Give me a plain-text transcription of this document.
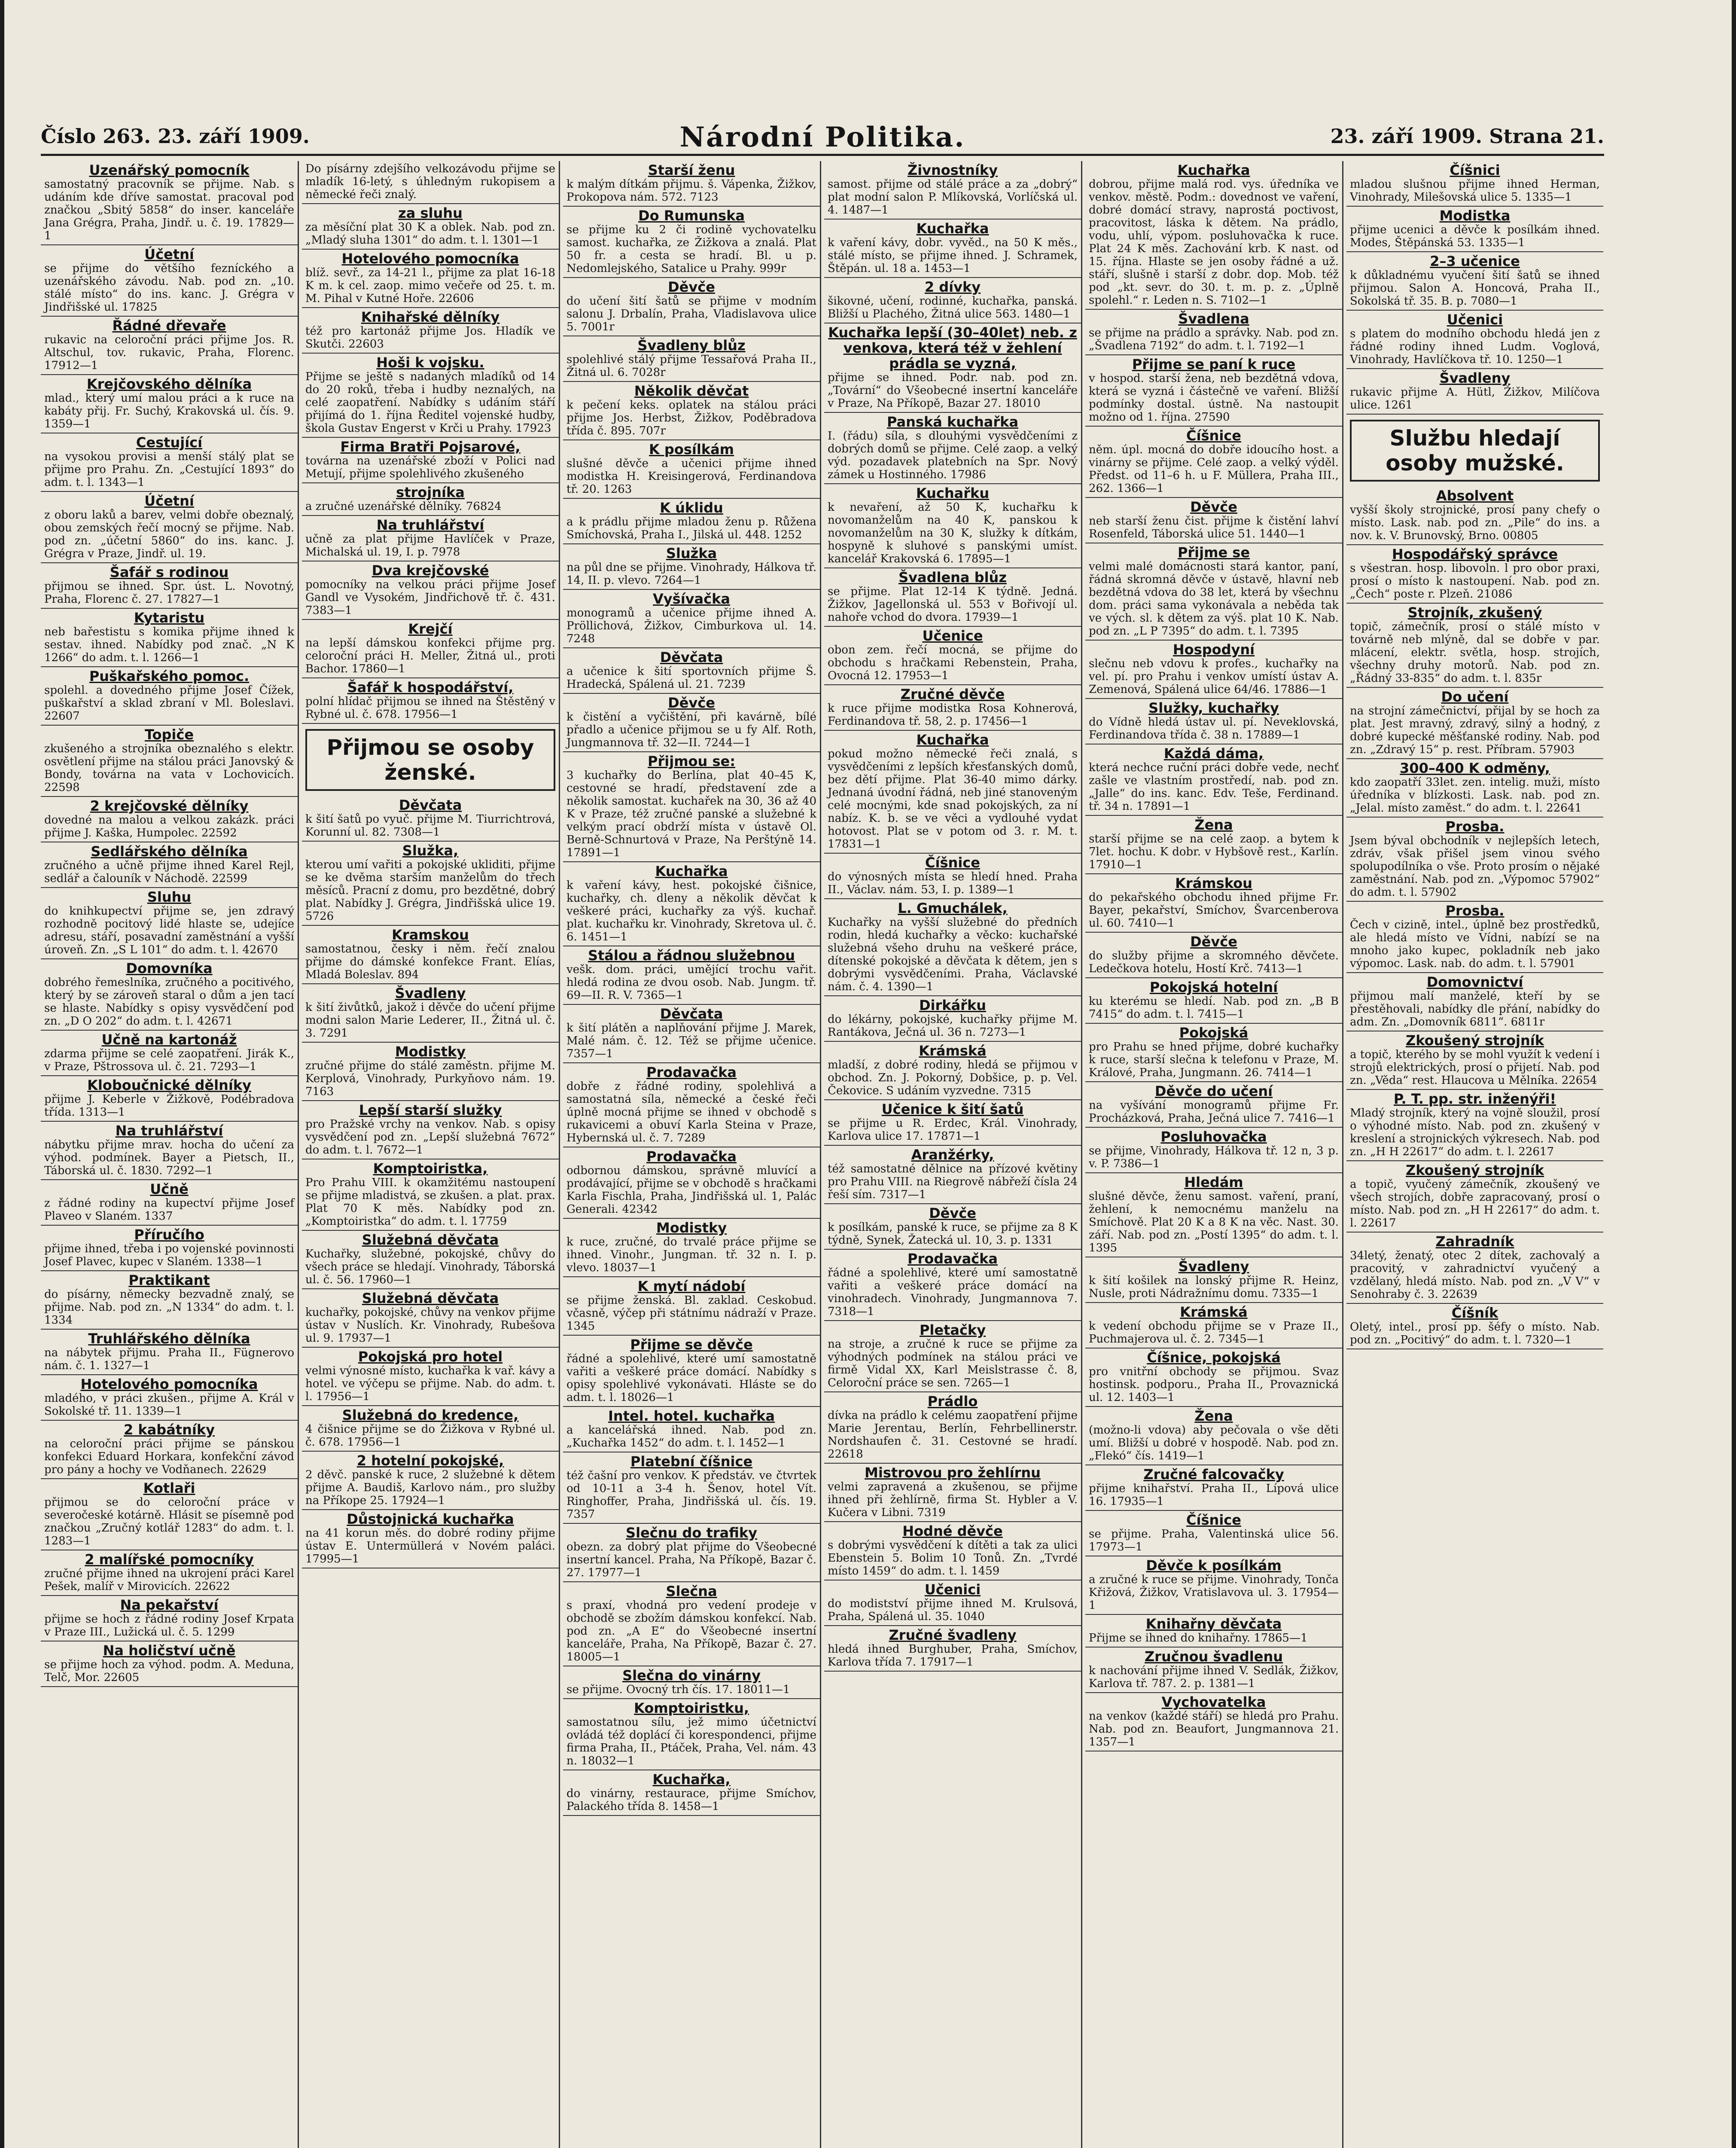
Číslo 263. 23. září 1909.	Národní Politika.	23. září 1909. Strana 21.
Uzenářský pomocník

samostatný pracovník se přijme. Nab. s udáním kde dříve samostat. pracoval pod značkou „Sbitý 5858“ do inser. kanceláře Jana Grégra, Praha, Jindř. u. č. 19. 17829—1

Účetní

se přijme do většího fezníckého a uzenářského závodu. Nab. pod zn. „10. stálé místo“ do ins. kanc. J. Grégra v Jindřišské ul. 17825

Řádné dřevaře

rukavic na celoroční práci přijme Jos. R. Altschul, tov. rukavic, Praha, Florenc. 17912—1

Krejčovského dělníka

mlad., který umí malou práci a k ruce na kabáty přij. Fr. Suchý, Krakovská ul. čís. 9. 1359—1

Cestující

na vysokou provisi a menší stálý plat se přijme pro Prahu. Zn. „Cestující 1893“ do adm. t. l. 1343—1

Účetní

z oboru laků a barev, velmi dobře obeznalý, obou zemských řečí mocný se přijme. Nab. pod zn. „účetní 5860“ do ins. kanc. J. Grégra v Praze, Jindř. ul. 19.

Šafář s rodinou

přijmou se ihned. Spr. úst. L. Novotný, Praha, Florenc č. 27. 17827—1

Kytaristu

neb bařestistu s komika přijme ihned k sestav. ihned. Nabídky pod znač. „N K 1266“ do adm. t. l. 1266—1

Puškařského pomoc.

spolehl. a dovedného přijme Josef Čížek, puškařství a sklad zbraní v Ml. Boleslavi. 22607

Topiče

zkušeného a strojníka obeznalého s elektr. osvětlení přijme na stálou práci Janovský & Bondy, továrna na vata v Lochovicích. 22598

2 krejčovské dělníky

dovedné na malou a velkou zakázk. práci přijme J. Kaška, Humpolec. 22592

Sedlářského dělníka

zručného a učně přijme ihned Karel Rejl, sedlář a čalouník v Náchodě. 22599

Sluhu

do knihkupectví přijme se, jen zdravý rozhodně pocitový lidé hlaste se, udejíce adresu, stáří, posavadní zaměstnání a vyšší úroveň. Zn. „S L 101“ do adm. t. l. 42670

Domovníka

dobrého řemeslníka, zručného a pocitivého, který by se zároveň staral o dům a jen tací se hlaste. Nabídky s opisy vysvědčení pod zn. „D O 202“ do adm. t. l. 42671

Učně na kartonáž

zdarma přijme se celé zaopatření. Jirák K., v Praze, Pštrossova ul. č. 21. 7293—1

Kloboučnické dělníky

přijme J. Keberle v Žižkově, Podébradova třída. 1313—1

Na truhlářství

nábytku přijme mrav. hocha do učení za výhod. podmínek. Bayer a Pietsch, II., Táborská ul. č. 1830. 7292—1

Učně

z řádné rodiny na kupectví přijme Josef Plaveo v Slaném. 1337

Příručího

přijme ihned, třeba i po vojenské povinnosti Josef Plavec, kupec v Slaném. 1338—1

Praktikant

do písárny, německy bezvadně znalý, se přijme. Nab. pod zn. „N 1334“ do adm. t. l. 1334

Truhlářského dělníka

na nábytek přijmu. Praha II., Fügnerovo nám. č. 1. 1327—1

Hotelového pomocníka

mladého, v práci zkušen., přijme A. Král v Sokolské tř. 11. 1339—1

2 kabátníky

na celoroční práci přijme se pánskou konfekci Eduard Horkara, konfekční závod pro pány a hochy ve Vodňanech. 22629

Kotlaři

přijmou se do celoroční práce v severočeské kotárně. Hlásit se písemně pod značkou „Zručný kotlář 1283“ do adm. t. l. 1283—1

2 malířské pomocníky

zručné přijme ihned na ukrojení práci Karel Pešek, malíř v Mirovicích. 22622

Na pekařství

přijme se hoch z řádné rodiny Josef Krpata v Praze III., Lužická ul. č. 5. 1299

Na holičství učně

se přijme hoch za výhod. podm. A. Meduna, Telč, Mor. 22605

Do písárny zdejšího velkozávodu přijme se mladík 16-letý, s úhledným rukopisem a německé řeči znalý.

za sluhu

za měsíční plat 30 K a oblek. Nab. pod zn. „Mladý sluha 1301“ do adm. t. l. 1301—1

Hotelového pomocníka

blíž. sevř., za 14-21 l., přijme za plat 16-18 K m. k cel. zaop. mimo večeře od 25. t. m. M. Pihal v Kutné Hoře. 22606

Knihařské dělníky

též pro kartonáž přijme Jos. Hladík ve Skutči. 22603

Hoši k vojsku.

Přijme se ještě s nadaných mladíků od 14 do 20 roků, třeba i hudby neznalých, na celé zaopatření. Nabídky s udáním stáří přijímá do 1. října Ředitel vojenské hudby, škola Gustav Engerst v Krči u Prahy. 17923

Firma Bratři Pojsarové,

továrna na uzenářské zboží v Polici nad Metují, přijme spolehlivého zkušeného

strojníka

a zručné uzenářské dělníky. 76824

Na truhlářství

učně za plat přijme Havlíček v Praze, Michalská ul. 19, I. p. 7978

Dva krejčovské

pomocníky na velkou práci přijme Josef Gandl ve Vysokém, Jindřichově tř. č. 431. 7383—1

Krejčí

na lepší dámskou konfekci přijme prg. celoroční práci H. Meller, Žitná ul., proti Bachor. 17860—1

Šafář k hospodářství,

polní hlídač přijmou se ihned na Štěstěný v Rybné ul. č. 678. 17956—1

Přijmou se osoby ženské.
Děvčata

k šití šatů po vyuč. přijme M. Tiurrichtrová, Korunní ul. 82. 7308—1

Služka,

kterou umí vařiti a pokojské ukliditi, přijme se ke dvěma starším manželům do třech měsíců. Pracní z domu, pro bezdětné, dobrý plat. Nabídky J. Grégra, Jindřišská ulice 19. 5726

Kramskou

samostatnou, česky i něm. řečí znalou přijme do dámské konfekce Frant. Elías, Mladá Boleslav. 894

Švadleny

k šití živůtků, jakož i děvče do učení přijme modni salon Marie Lederer, II., Žitná ul. č. 3. 7291

Modistky

zručné přijme do stálé zaměstn. přijme M. Kerplová, Vinohrady, Purkyňovo nám. 19. 7163

Lepší starší služky

pro Pražské vrchy na venkov. Nab. s opisy vysvědčení pod zn. „Lepší služebná 7672“ do adm. t. l. 7672—1

Komptoiristka,

Pro Prahu VIII. k okamžitému nastoupení se přijme mladistvá, se zkušen. a plat. prax. Plat 70 K měs. Nabídky pod zn. „Komptoiristka“ do adm. t. l. 17759

Služebná děvčata

Kuchařky, služebné, pokojské, chůvy do všech práce se hledají. Vinohrady, Táborská ul. č. 56. 17960—1

Služebná děvčata

kuchařky, pokojské, chůvy na venkov přijme ústav v Nuslích. Kr. Vinohrady, Rubešova ul. 9. 17937—1

Pokojská pro hotel

velmi výnosné místo, kuchařka k vař. kávy a hotel. ve výčepu se přijme. Nab. do adm. t. l. 17956—1

Služebná do kredence,

4 čišnice přijme se do Žižkova v Rybné ul. č. 678. 17956—1

2 hotelní pokojské,

2 děvč. panské k ruce, 2 služebné k dětem přijme A. Baudiš, Karlovo nám., pro služby na Příkope 25. 17924—1

Důstojnická kuchařka

na 41 korun měs. do dobré rodiny přijme ústav E. Untermüllerá v Novém paláci. 17995—1

Starší ženu

k malým dítkám přijmu. š. Vápenka, Žižkov, Prokopova nám. 572. 7123

Do Rumunska

se přijme ku 2 či rodině vychovatelku samost. kuchařka, ze Žižkova a znalá. Plat 50 fr. a cesta se hradí. Bl. u p. Nedomlejského, Satalice u Prahy. 999r

Děvče

do učení šití šatů se přijme v modním salonu J. Drbalín, Praha, Vladislavova ulice 5. 7001r

Švadleny blůz

spolehlivé stálý přijme Tessařová Praha II., Žitná ul. 6. 7028r

Několik děvčat

k pečení keks. oplatek na stálou práci přijme Jos. Herbst, Žižkov, Poděbradova třída č. 895. 707r

K posílkám

slušné děvče a učenici přijme ihned modistka H. Kreisingerová, Ferdinandova tř. 20. 1263

K úklidu

a k prádlu přijme mladou ženu p. Růžena Smíchovská, Praha I., Jilská ul. 448. 1252

Služka

na půl dne se přijme. Vinohrady, Hálkova tř. 14, II. p. vlevo. 7264—1

Vyšívačka

monogramů a učenice přijme ihned A. Pröllichová, Žižkov, Cimburkova ul. 14. 7248

Děvčata

a učenice k šití sportovních přijme Š. Hradecká, Spálená ul. 21. 7239

Děvče

k čistění a vyčištění, při kavárně, bílé přadlo a učenice přijmou se u fy Alf. Roth, Jungmannova tř. 32—II. 7244—1

Přijmou se:

3 kuchařky do Berlína, plat 40–45 K, cestovné se hradí, představení zde a několik samostat. kuchařek na 30, 36 až 40 K v Praze, též zručné panské a služebné k velkým prací obdrží místa v ústavě Ol. Berně-Schnurtová v Praze, Na Perštýně 14. 17891—1

Kuchařka

k vaření kávy, hest. pokojské čišnice, kuchařky, ch. dleny a několik děvčat k veškeré práci, kuchařky za výš. kuchař. plat. kuchařku kr. Vinohrady, Skretova ul. č. 6. 1451—1

Stálou a řádnou služebnou

vešk. dom. práci, umějící trochu vařit. hledá rodina ze dvou osob. Nab. Jungm. tř. 69—II. R. V. 7365—1

Děvčata

k šití plátěn a naplňování přijme J. Marek, Malé nám. č. 12. Též se přijme učenice. 7357—1

Prodavačka

dobře z řádné rodiny, spolehlivá a samostatná síla, německé a české řeči úplně mocná přijme se ihned v obchodě s rukavicemi a obuví Karla Steina v Praze, Hybernská ul. č. 7. 7289

Prodavačka

odbornou dámskou, správně mluvící a prodávající, přijme se v obchodě s hračkami Karla Fischla, Praha, Jindřišská ul. 1, Palác Generali. 42342

Modistky

k ruce, zručné, do trvalé práce přijme se ihned. Vinohr., Jungman. tř. 32 n. I. p. vlevo. 18037—1

K mytí nádobí

se přijme ženská. Bl. zaklad. Ceskobud. včasně, výčep při státnímu nádraží v Praze. 1345

Přijme se děvče

řádné a spolehlivé, které umí samostatně vařiti a veškeré práce domácí. Nabídky s opisy spolehlivé vykonávati. Hláste se do adm. t. l. 18026—1

Intel. hotel. kuchařka

a kancelářská ihned. Nab. pod zn. „Kuchařka 1452“ do adm. t. l. 1452—1

Platební číšnice

též čašní pro venkov. K předstáv. ve čtvrtek od 10-11 a 3-4 h. Šenov, hotel Vít. Ringhoffer, Praha, Jindřišská ul. čís. 19. 7357

Slečnu do trafiky

obezn. za dobrý plat přijme do Všeobecné insertní kancel. Praha, Na Příkopě, Bazar č. 27. 17977—1

Slečna

s praxí, vhodná pro vedení prodeje v obchodě se zbožím dámskou konfekcí. Nab. pod zn. „A E“ do Všeobecné insertní kanceláře, Praha, Na Příkopě, Bazar č. 27. 18005—1

Slečna do vinárny

se přijme. Ovocný trh čís. 17. 18011—1

Komptoiristku,

samostatnou sílu, jež mimo účetnictví ovládá též doplácí či korespondenci, přijme firma Praha, II., Ptáček, Praha, Vel. nám. 43 n. 18032—1

Kuchařka,

do vinárny, restaurace, přijme Smíchov, Palackého třída 8. 1458—1

Živnostníky

samost. přijme od stálé práce a za „dobrý“ plat modní salon P. Mlíkovská, Vorlíčská ul. 4. 1487—1

Kuchařka

k vaření kávy, dobr. vyvěd., na 50 K měs., stálé místo, se přijme ihned. J. Schramek, Štěpán. ul. 18 a. 1453—1

2 dívky

šikovné, učení, rodinné, kuchařka, panská. Bližší u Plachého, Žitná ulice 563. 1480—1

Kuchařka lepší (30–40let) neb. z venkova, která též v žehlení prádla se vyzná,

přijme se ihned. Podr. nab. pod zn. „Tovární“ do Všeobecné insertní kanceláře v Praze, Na Příkopě, Bazar 27. 18010

Panská kuchařka

I. (řádu) síla, s dlouhými vysvědčeními z dobrých domů se přijme. Celé zaop. a velký výd. pozadavek platebních na Spr. Nový zámek u Hostinného. 17986

Kuchařku

k nevaření, až 50 K, kuchařku k novomanželům na 40 K, panskou k novomanželům na 30 K, služky k dítkám, hospyně k sluhové s panskými umíst. kancelář Krakovská 6. 17895—1

Švadlena blůz

se přijme. Plat 12-14 K týdně. Jedná. Žižkov, Jagellonská ul. 553 v Bořivojí ul. nahoře vchod do dvora. 17939—1

Učenice

obon zem. řečí mocná, se přijme do obchodu s hračkami Rebenstein, Praha, Ovocná 12. 17953—1

Zručné děvče

k ruce přijme modistka Rosa Kohnerová, Ferdinandova tř. 58, 2. p. 17456—1

Kuchařka

pokud možno německé řeči znalá, s vysvědčeními z lepších křesťanských domů, bez dětí přijme. Plat 36-40 mimo dárky. Jednaná úvodní řádná, neb jiné stanoveným celé mocnými, kde snad pokojských, za ní nabíz. K. b. se ve věci a vydlouhé vydat hotovost. Plat se v potom od 3. r. M. t. 17831—1

Číšnice

do výnosných místa se hledí hned. Praha II., Václav. nám. 53, I. p. 1389—1

L. Gmuchálek,

Kuchařky na vyšší služebné do předních rodin, hledá kuchařky a věcko: kuchařské služebná všeho druhu na veškeré práce, dítenské pokojské a děvčata k dětem, jen s dobrými vysvědčeními. Praha, Václavské nám. č. 4. 1390—1

Dirkářku

do lékárny, pokojské, kuchařky přijme M. Rantákova, Ječná ul. 36 n. 7273—1

Krámská

mladší, z dobré rodiny, hledá se přijmou v obchod. Zn. J. Pokorný, Dobšice, p. p. Vel. Čekovice. S udáním vyzvedne. 7315

Učenice k šití šatů

se přijme u R. Erdec, Král. Vinohrady, Karlova ulice 17. 17871—1

Aranžérky,

též samostatné dělnice na přízové květiny pro Prahu VIII. na Riegrově nábřeží čísla 24 řeší sím. 7317—1

Děvče

k posílkám, panské k ruce, se přijme za 8 K týdně, Synek, Žatecká ul. 10, 3. p. 1331

Prodavačka

řádné a spolehlivé, které umí samostatně vařiti a veškeré práce domácí na vinohradech. Vinohrady, Jungmannova 7. 7318—1

Pletačky

na stroje, a zručné k ruce se přijme za výhodných podmínek na stálou práci ve firmě Vidal XX, Karl Meislstrasse č. 8, Celoroční práce se sen. 7265—1

Prádlo

dívka na prádlo k celému zaopatření přijme Marie Jerentau, Berlín, Fehrbellinerstr. Nordshaufen č. 31. Cestovné se hradí. 22618

Mistrovou pro žehlírnu

velmi zapravená a zkušenou, se přijme ihned při žehlírně, firma St. Hybler a V. Kučera v Libni. 7319

Hodné děvče

s dobrými vysvědčení k dítěti a tak za ulici Ebenstein 5. Bolim 10 Tonů. Zn. „Tvrdé místo 1459“ do adm. t. l. 1459

Učenici

do modistství přijme ihned M. Krulsová, Praha, Spálená ul. 35. 1040

Zručné švadleny

hledá ihned Burghuber, Praha, Smíchov, Karlova třída 7. 17917—1

Kuchařka

dobrou, přijme malá rod. vys. úředníka ve venkov. městě. Podm.: dovednost ve vaření, dobré domácí stravy, naprostá poctivost, pracovitost, láska k dětem. Na prádlo, vodu, uhlí, výpom. posluhovačka k ruce. Plat 24 K měs. Zachování krb. K nast. od 15. října. Hlaste se jen osoby řádné a už. stáří, slušně i starší z dobr. dop. Mob. též pod „kt. sevr. do 30. t. m. p. z. „Úplně spolehl.“ r. Leden n. S. 7102—1

Švadlena

se přijme na prádlo a správky. Nab. pod zn. „Švadlena 7192“ do adm. t. l. 7192—1

Přijme se paní k ruce

v hospod. starší žena, neb bezdětná vdova, která se vyzná i částečně ve vaření. Bližší podmínky dostal. ústně. Na nastoupit možno od 1. října. 27590

Číšnice

něm. úpl. mocná do dobře idoucího host. a vinárny se přijme. Celé zaop. a velký výděl. Předst. od 11–6 h. u F. Müllera, Praha III., 262. 1366—1

Děvče

neb starší ženu čist. přijme k čistění lahví Rosenfeld, Táborská ulice 51. 1440—1

Přijme se

velmi malé domácnosti stará kantor, paní, řádná skromná děvče v ústavě, hlavní neb bezdětná vdova do 38 let, která by všechnu dom. práci sama vykonávala a neběda tak ve vých. sl. k dětem za výš. plat 10 K. Nab. pod zn. „L P 7395“ do adm. t. l. 7395

Hospodyní

slečnu neb vdovu k profes., kuchařky na vel. pí. pro Prahu i venkov umístí ústav A. Zemenová, Spálená ulice 64/46. 17886—1

Služky, kuchařky

do Vídně hledá ústav ul. pí. Neveklovská, Ferdinandova třída č. 38 n. 17889—1

Každá dáma,

která nechce ruční práci dobře vede, nechť zašle ve vlastním prostředí, nab. pod zn. „Jalle“ do ins. kanc. Edv. Teše, Ferdinand. tř. 34 n. 17891—1

Žena

starší přijme se na celé zaop. a bytem k 7let. hochu. K dobr. v Hybšově rest., Karlín. 17910—1

Krámskou

do pekařského obchodu ihned přijme Fr. Bayer, pekařství, Smíchov, Švarcenberova ul. 60. 7410—1

Děvče

do služby přijme a skromného děvčete. Ledečkova hotelu, Hostí Krč. 7413—1

Pokojská hotelní

ku kterému se hledí. Nab. pod zn. „B B 7415“ do adm. t. l. 7415—1

Pokojská

pro Prahu se hned přijme, dobré kuchařky k ruce, starší slečna k telefonu v Praze, M. Králové, Praha, Jungmann. 26. 7414—1

Děvče do učení

na vyšívání monogramů přijme Fr. Procházková, Praha, Ječná ulice 7. 7416—1

Posluhovačka

se přijme, Vinohrady, Hálkova tř. 12 n, 3 p. v. P. 7386—1

Hledám

slušné děvče, ženu samost. vaření, praní, žehlení, k nemocnému manželu na Smíchově. Plat 20 K a 8 K na věc. Nast. 30. září. Nab. pod zn. „Postí 1395“ do adm. t. l. 1395

Švadleny

k šití košilek na lonský přijme R. Heinz, Nusle, proti Nádražnímu domu. 7335—1

Krámská

k vedení obchodu přijme se v Praze II., Puchmajerova ul. č. 2. 7345—1

Číšnice, pokojská

pro vnitřní obchody se přijmou. Svaz hostinsk. podporu., Praha II., Provaznická ul. 12. 1403—1

Žena

(možno-li vdova) aby pečovala o vše děti umí. Bližší u dobré v hospodě. Nab. pod zn. „Flekó“ čís. 1419—1

Zručné falcovačky

přijme knihařství. Praha II., Lípová ulice 16. 17935—1

Číšnice

se přijme. Praha, Valentinská ulice 56. 17973—1

Děvče k posílkám

a zručné k ruce se přijme. Vinohrady, Tonča Křižová, Žižkov, Vratislavova ul. 3. 17954—1

Knihařny děvčata

Přijme se ihned do knihařny. 17865—1

Zručnou švadlenu

k nachování přijme ihned V. Sedlák, Žižkov, Karlova tř. 787. 2. p. 1381—1

Vychovatelka

na venkov (každé stáří) se hledá pro Prahu. Nab. pod zn. Beaufort, Jungmannova 21. 1357—1

Číšnici

mladou slušnou přijme ihned Herman, Vinohrady, Milešovská ulice 5. 1335—1

Modistka

přijme ucenici a děvče k posílkám ihned. Modes, Štěpánská 53. 1335—1

2–3 učenice

k důkladnému vyučení šití šatů se ihned přijmou. Salon A. Honcová, Praha II., Sokolská tř. 35. B. p. 7080—1

Učenici

s platem do modního obchodu hledá jen z řádné rodiny ihned Ludm. Voglová, Vinohrady, Havlíčkova tř. 10. 1250—1

Švadleny

rukavic přijme A. Hütl, Žižkov, Milíčova ulice. 1261

Službu hledají osoby mužské.
Absolvent

vyšší školy strojnické, prosí pany chefy o místo. Lask. nab. pod zn. „Pile“ do ins. a nov. k. V. Brunovský, Brno. 00805

Hospodářský správce

s všestran. hosp. libovoln. l pro obor praxi, prosí o místo k nastoupení. Nab. pod zn. „Čech“ poste r. Plzeň. 21086

Strojník, zkušený

topič, zámečník, prosí o stálé místo v továrně neb mlýně, dal se dobře v par. mlácení, elektr. světla, hosp. strojích, všechny druhy motorů. Nab. pod zn. „Řádný 33-835“ do adm. t. l. 835r

Do učení

na strojní zámečnictví, přijal by se hoch za plat. Jest mravný, zdravý, silný a hodný, z dobré kupecké měšťanské rodiny. Nab. pod zn. „Zdravý 15“ p. rest. Příbram. 57903

300–400 K odměny,

kdo zaopatří 33let. zen. intelig. muži, místo úředníka v blízkosti. Lask. nab. pod zn. „Jelal. místo zaměst.“ do adm. t. l. 22641

Prosba.

Jsem býval obchodník v nejlepších letech, zdráv, však přišel jsem vinou svého spolupodílníka o vše. Proto prosím o nějaké zaměstnání. Nab. pod zn. „Výpomoc 57902“ do adm. t. l. 57902

Prosba.

Čech v cizině, intel., úplně bez prostředků, ale hledá místo ve Vídni, nabízí se na mnoho jako kupec, pokladník neb jako výpomoc. Lask. nab. do adm. t. l. 57901

Domovnictví

přijmou malí manželé, kteří by se přestěhovali, nabídky dle přání, nabídky do adm. Zn. „Domovník 6811“. 6811r

Zkoušený strojník

a topič, kterého by se mohl využít k vedení i strojů elektrických, prosí o přijetí. Nab. pod zn. „Věda“ rest. Hlaucova u Mělníka. 22654

P. T. pp. str. inženýři!

Mladý strojník, který na vojně sloužil, prosí o výhodné místo. Nab. pod zn. zkušený v kreslení a strojnických výkresech. Nab. pod zn. „H H 22617“ do adm. t. l. 22617

Zkoušený strojník

a topič, vyučený zámečník, zkoušený ve všech strojích, dobře zapracovaný, prosí o místo. Nab. pod zn. „H H 22617“ do adm. t. l. 22617

Zahradník

34letý, ženatý, otec 2 dítek, zachovalý a pracovitý, v zahradnictví vyučený a vzdělaný, hledá místo. Nab. pod zn. „V V“ v Senohraby č. 3. 22639

Číšník

Oletý, intel., prosí pp. šéfy o místo. Nab. pod zn. „Pocitivý“ do adm. t. l. 7320—1
